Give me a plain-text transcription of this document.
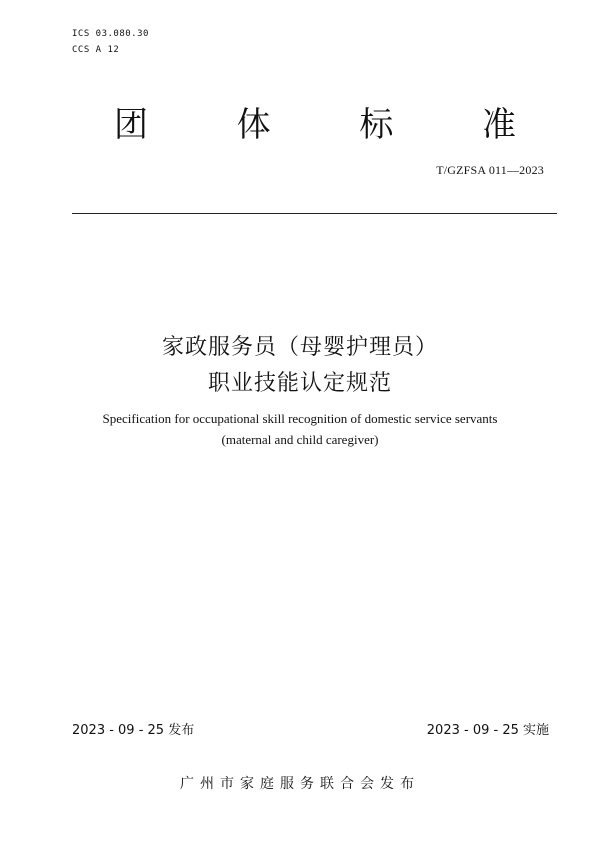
ICS 03.080.30
CCS A 12
团	体	标	准
T/GZFSA 011—2023
家政服务员（母婴护理员）
职业技能认定规范
Specification for occupational skill recognition of domestic service servants
(maternal and child caregiver)
2023 - 09 - 25 发布	2023 - 09 - 25 实施
广州市家庭服务联合会发布
